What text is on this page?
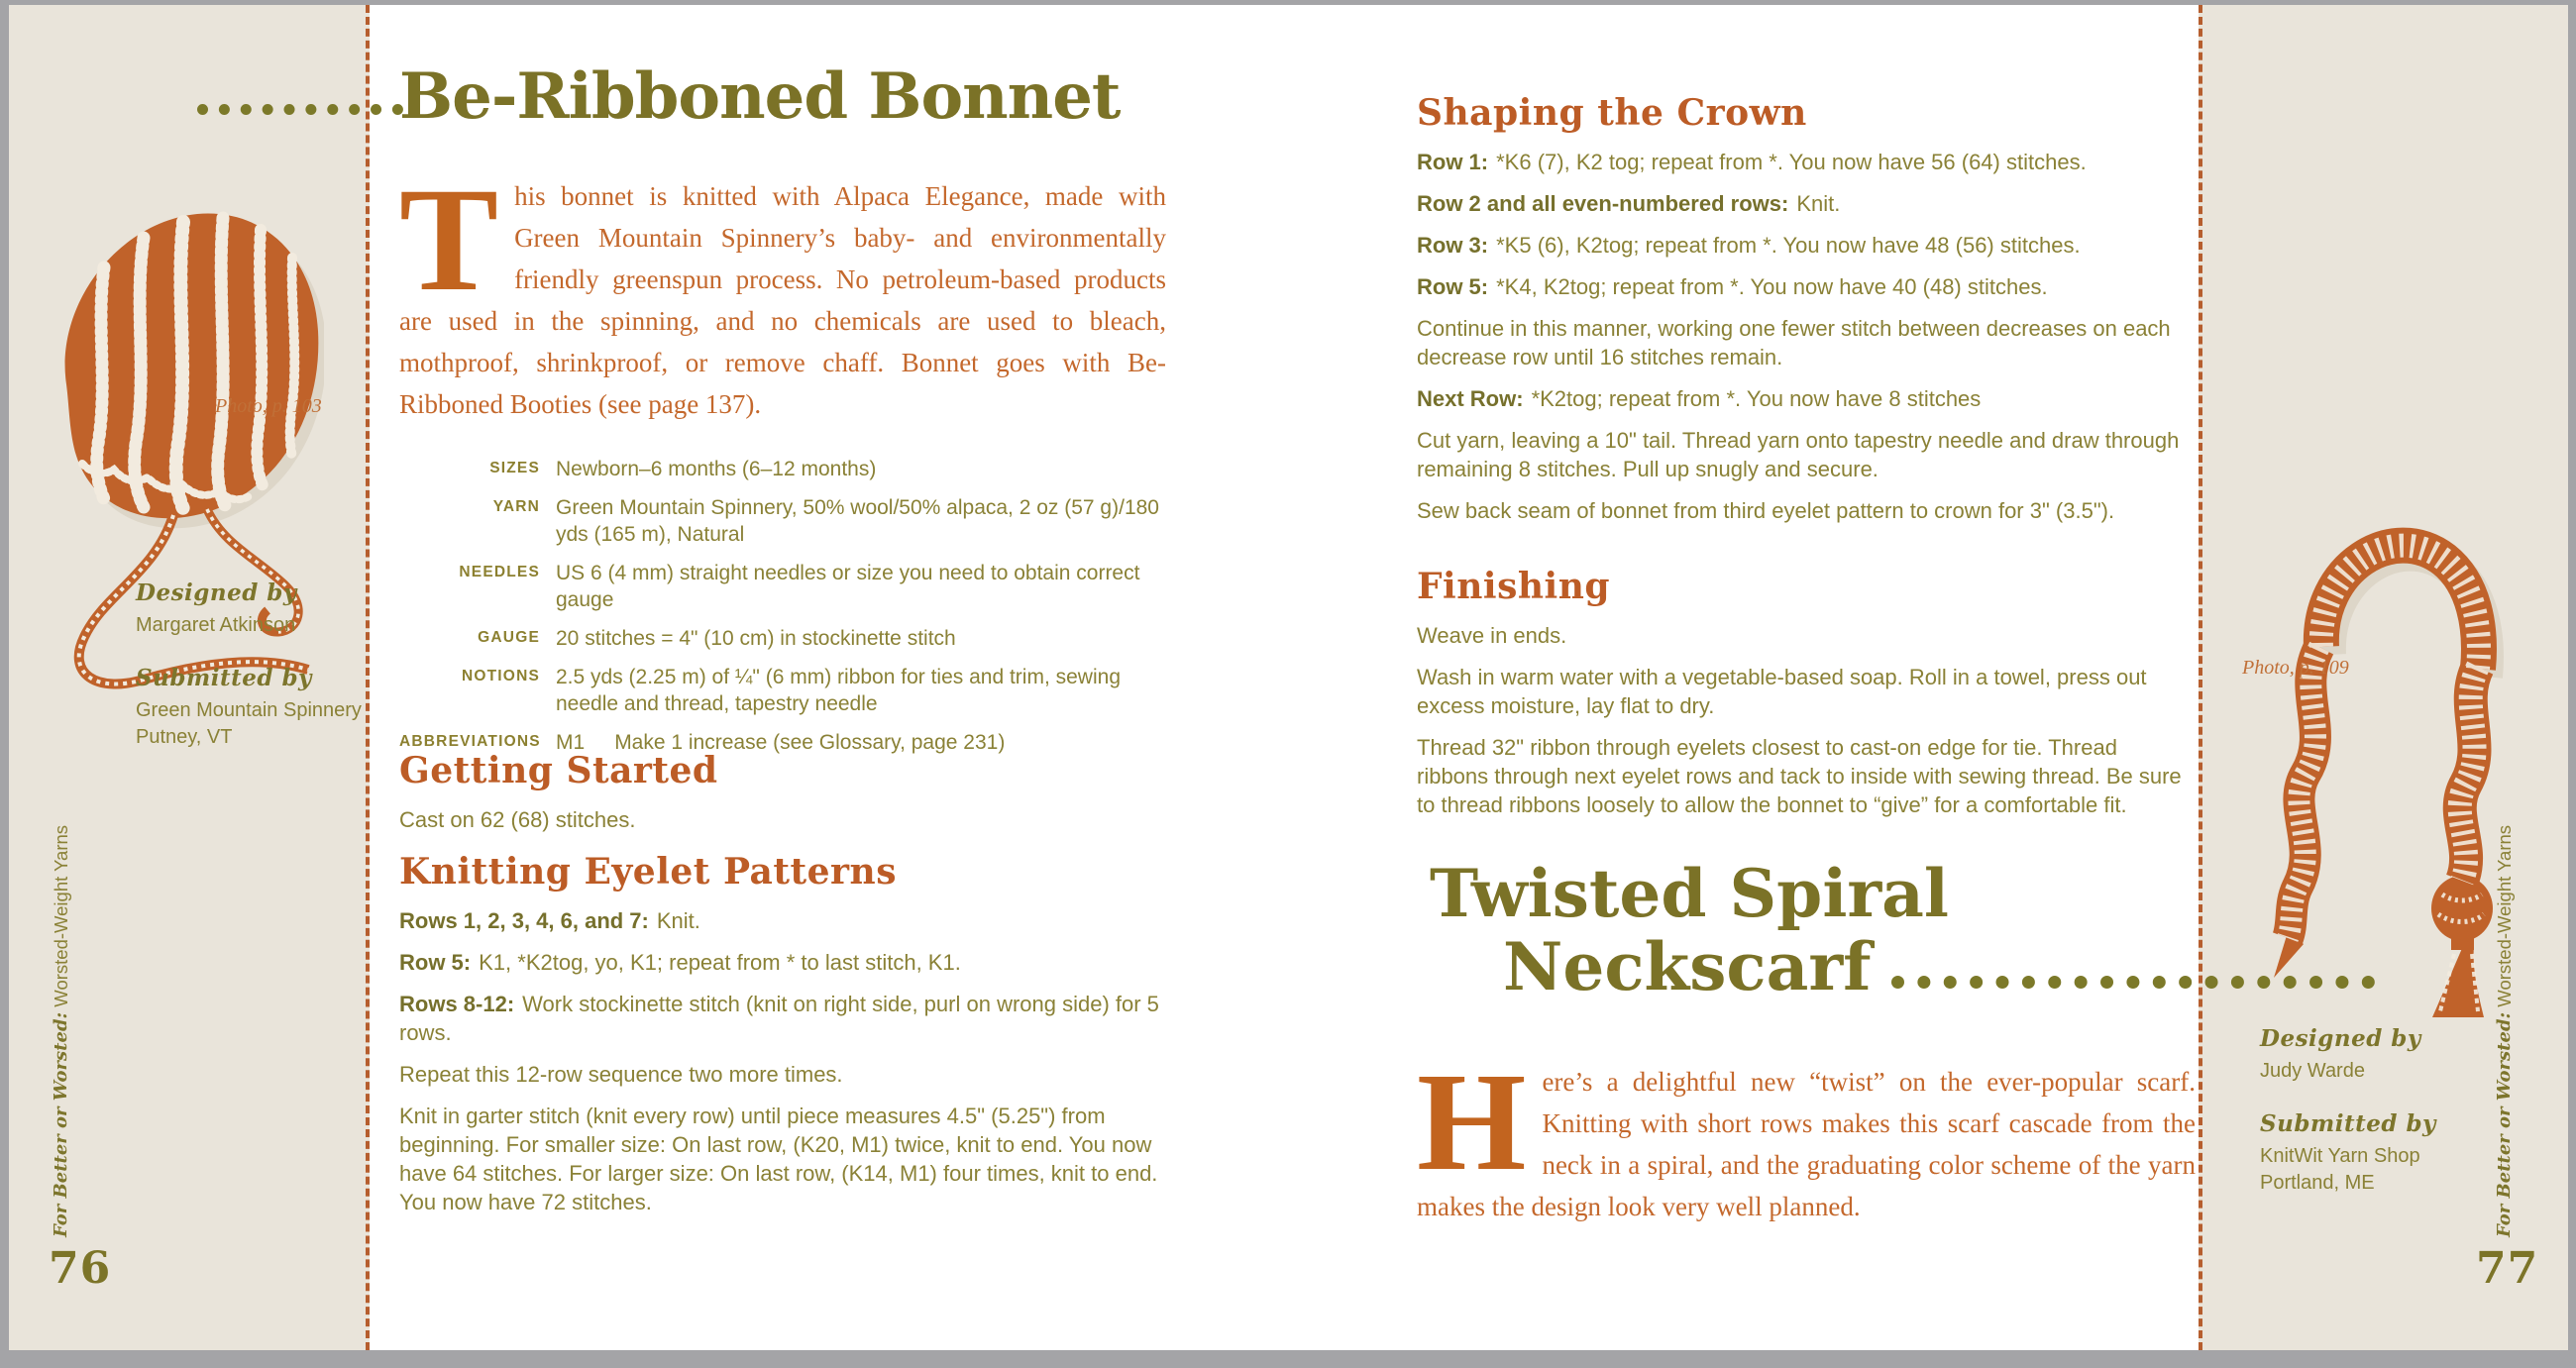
Photo, p. 103
Designed by
Margaret Atkinson
Submitted by
Green Mountain Spinnery
Putney, VT
For Better or Worsted: Worsted-Weight Yarns
76
Be-Ribboned Bonnet
This bonnet is knitted with Alpaca Elegance, made with Green Mountain Spinnery’s baby- and environmentally friendly greenspun process. No petroleum-based products are used in the spinning, and no chemicals are used to bleach, mothproof, shrinkproof, or remove chaff. Bonnet goes with Be-Ribboned Booties (see page 137).
SIZES Newborn–6 months (6–12 months)
YARN Green Mountain Spinnery, 50% wool/50% alpaca, 2 oz (57 g)/180 yds (165 m), Natural
NEEDLES US 6 (4 mm) straight needles or size you need to obtain correct gauge
GAUGE 20 stitches = 4" (10 cm) in stockinette stitch
NOTIONS 2.5 yds (2.25 m) of ¼" (6 mm) ribbon for ties and trim, sewing needle and thread, tapestry needle
ABBREVIATIONS M1 Make 1 increase (see Glossary, page 231)
Getting Started

Cast on 62 (68) stitches.

Knitting Eyelet Patterns

Rows 1, 2, 3, 4, 6, and 7: Knit.

Row 5: K1, *K2tog, yo, K1; repeat from * to last stitch, K1.

Rows 8-12: Work stockinette stitch (knit on right side, purl on wrong side) for 5 rows.

Repeat this 12-row sequence two more times.

Knit in garter stitch (knit every row) until piece measures 4.5" (5.25") from beginning. For smaller size: On last row, (K20, M1) twice, knit to end. You now have 64 stitches. For larger size: On last row, (K14, M1) four times, knit to end. You now have 72 stitches.

Shaping the Crown

Row 1: *K6 (7), K2 tog; repeat from *. You now have 56 (64) stitches.

Row 2 and all even-numbered rows: Knit.

Row 3: *K5 (6), K2tog; repeat from *. You now have 48 (56) stitches.

Row 5: *K4, K2tog; repeat from *. You now have 40 (48) stitches.

Continue in this manner, working one fewer stitch between decreases on each decrease row until 16 stitches remain.

Next Row: *K2tog; repeat from *. You now have 8 stitches

Cut yarn, leaving a 10" tail. Thread yarn onto tapestry needle and draw through remaining 8 stitches. Pull up snugly and secure.

Sew back seam of bonnet from third eyelet pattern to crown for 3" (3.5").

Finishing

Weave in ends.

Wash in warm water with a vegetable-based soap. Roll in a towel, press out excess moisture, lay flat to dry.

Thread 32" ribbon through eyelets closest to cast-on edge for tie. Thread ribbons through next eyelet rows and tack to inside with sewing thread. Be sure to thread ribbons loosely to allow the bonnet to “give” for a comfortable fit.

Twisted Spiral
Neckscarf
Here’s a delightful new “twist” on the ever-popular scarf. Knitting with short rows makes this scarf cascade from the neck in a spiral, and the graduating color scheme of the yarn makes the design look very well planned.
Photo, p. 109
Designed by
Judy Warde
Submitted by
KnitWit Yarn Shop
Portland, ME	For Better or Worsted: Worsted-Weight Yarns
77
